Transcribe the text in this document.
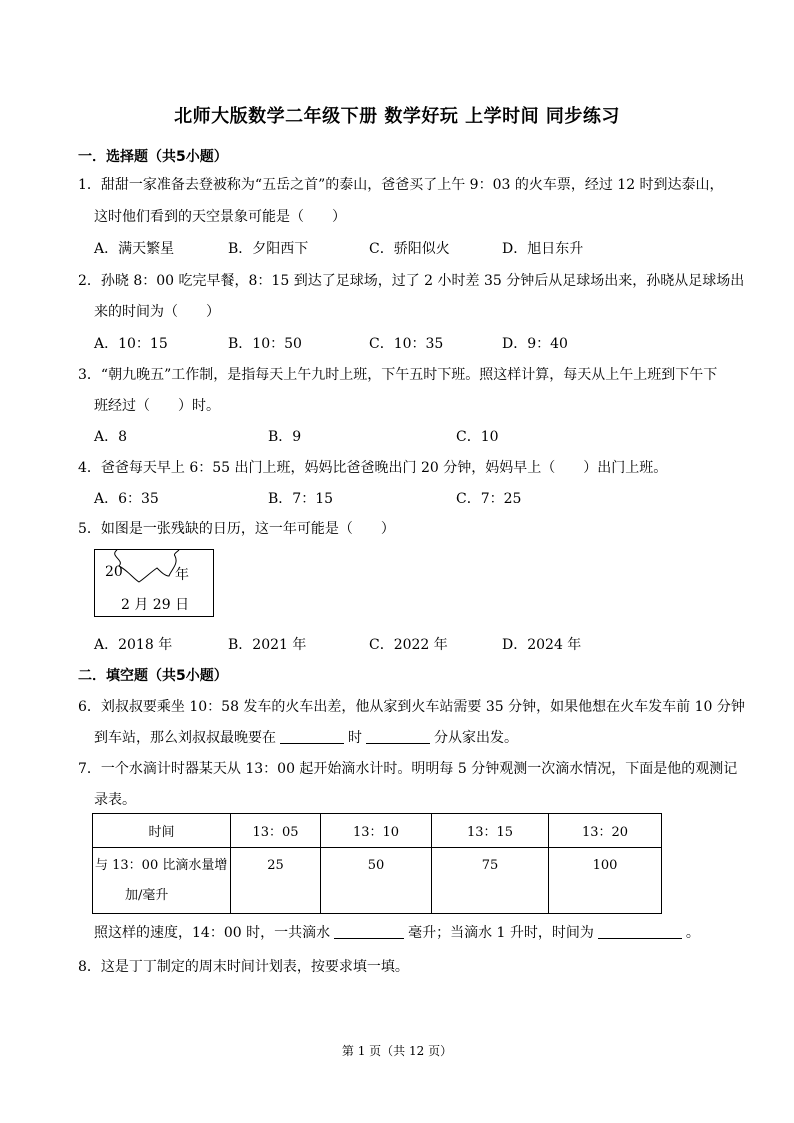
北师大版数学二年级下册 数学好玩 上学时间 同步练习
一．选择题（共5小题）
1．甜甜一家准备去登被称为“五岳之首”的泰山，爸爸买了上午 9：03 的火车票，经过 12 时到达泰山，
这时他们看到的天空景象可能是（　　）
A．满天繁星	B．夕阳西下	C．骄阳似火	D．旭日东升
2．孙晓 8：00 吃完早餐，8：15 到达了足球场，过了 2 小时差 35 分钟后从足球场出来，孙晓从足球场出
来的时间为（　　）
A．10：15	B．10：50	C．10：35	D．9：40
3．“朝九晚五”工作制，是指每天上午九时上班，下午五时下班。照这样计算，每天从上午上班到下午下
班经过（　　）时。
A．8	B．9	C．10
4．爸爸每天早上 6：55 出门上班，妈妈比爸爸晚出门 20 分钟，妈妈早上（　　）出门上班。
A．6：35	B．7：15	C．7：25
5．如图是一张残缺的日历，这一年可能是（　　）
20	年
2 月 29 日
A．2018 年	B．2021 年	C．2022 年	D．2024 年
二．填空题（共5小题）
6．刘叔叔要乘坐 10：58 发车的火车出差，他从家到火车站需要 35 分钟，如果他想在火车发车前 10 分钟
到车站，那么刘叔叔最晚要在	时	分从家出发。
7．一个水滴计时器某天从 13：00 起开始滴水计时。明明每 5 分钟观测一次滴水情况，下面是他的观测记
录表。
时间	13：05	13：10	13：15	13：20

与 13：00 比滴水量增
加/毫升	25	50	75	100
照这样的速度，14：00 时，一共滴水	毫升；当滴水 1 升时，时间为	。
8．这是丁丁制定的周末时间计划表，按要求填一填。
第 1 页（共 12 页）
